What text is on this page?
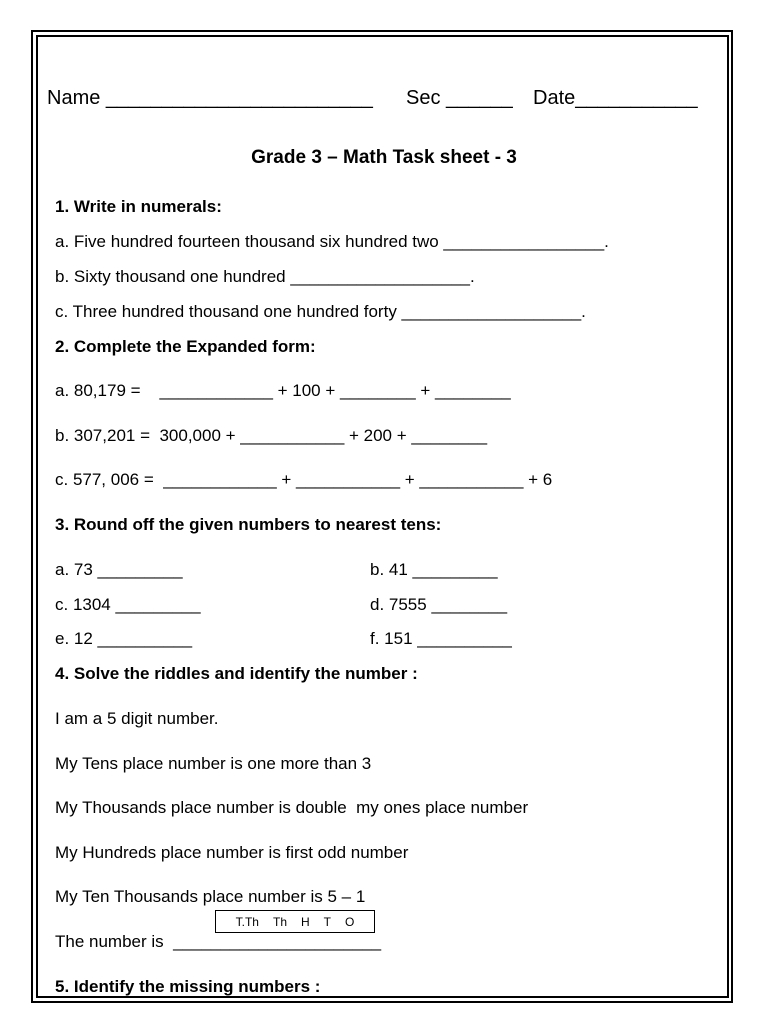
Name ________________________ Sec ______ Date___________
Grade 3 – Math Task sheet - 3
1. Write in numerals:
a. Five hundred fourteen thousand six hundred two _________________.
b. Sixty thousand one hundred ___________________.
c. Three hundred thousand one hundred forty ___________________.
2. Complete the Expanded form:
a. 80,179 =    ____________ + 100 + ________ + ________
b. 307,201 =  300,000 + ___________ + 200 + ________
c. 577, 006 =  ____________ + ___________ + ___________ + 6
3. Round off the given numbers to nearest tens:
a. 73 _________	b. 41 _________
c. 1304 _________	d. 7555 ________
e. 12 __________	f. 151 __________
4. Solve the riddles and identify the number :
I am a 5 digit number.
My Tens place number is one more than 3
My Thousands place number is double  my ones place number
My Hundreds place number is first odd number
My Ten Thousands place number is 5 – 1
T.Th Th H T O
The number is  ______________________
5. Identify the missing numbers :
